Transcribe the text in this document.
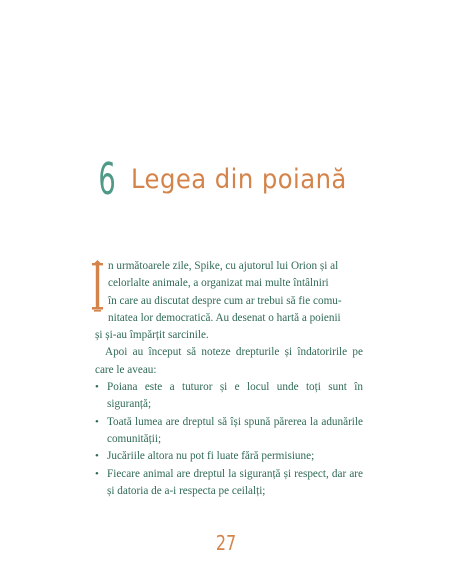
6 Legea din poiană
n următoarele zile, Spike, cu ajutorul lui Orion și al
celorlalte animale, a organizat mai multe întâlniri
în care au discutat despre cum ar trebui să fie comu-
nitatea lor democratică. Au desenat o hartă a poienii
și și-au împărțit sarcinile.

Apoi au început să noteze drepturile și îndatoririle pe care le aveau:

• Poiana este a tuturor și e locul unde toți sunt în siguranță;
• Toată lumea are dreptul să își spună părerea la adunările comunității;
• Jucăriile altora nu pot fi luate fără permisiune;
• Fiecare animal are dreptul la siguranță și respect, dar are și datoria de a-i respecta pe ceilalți;
27
